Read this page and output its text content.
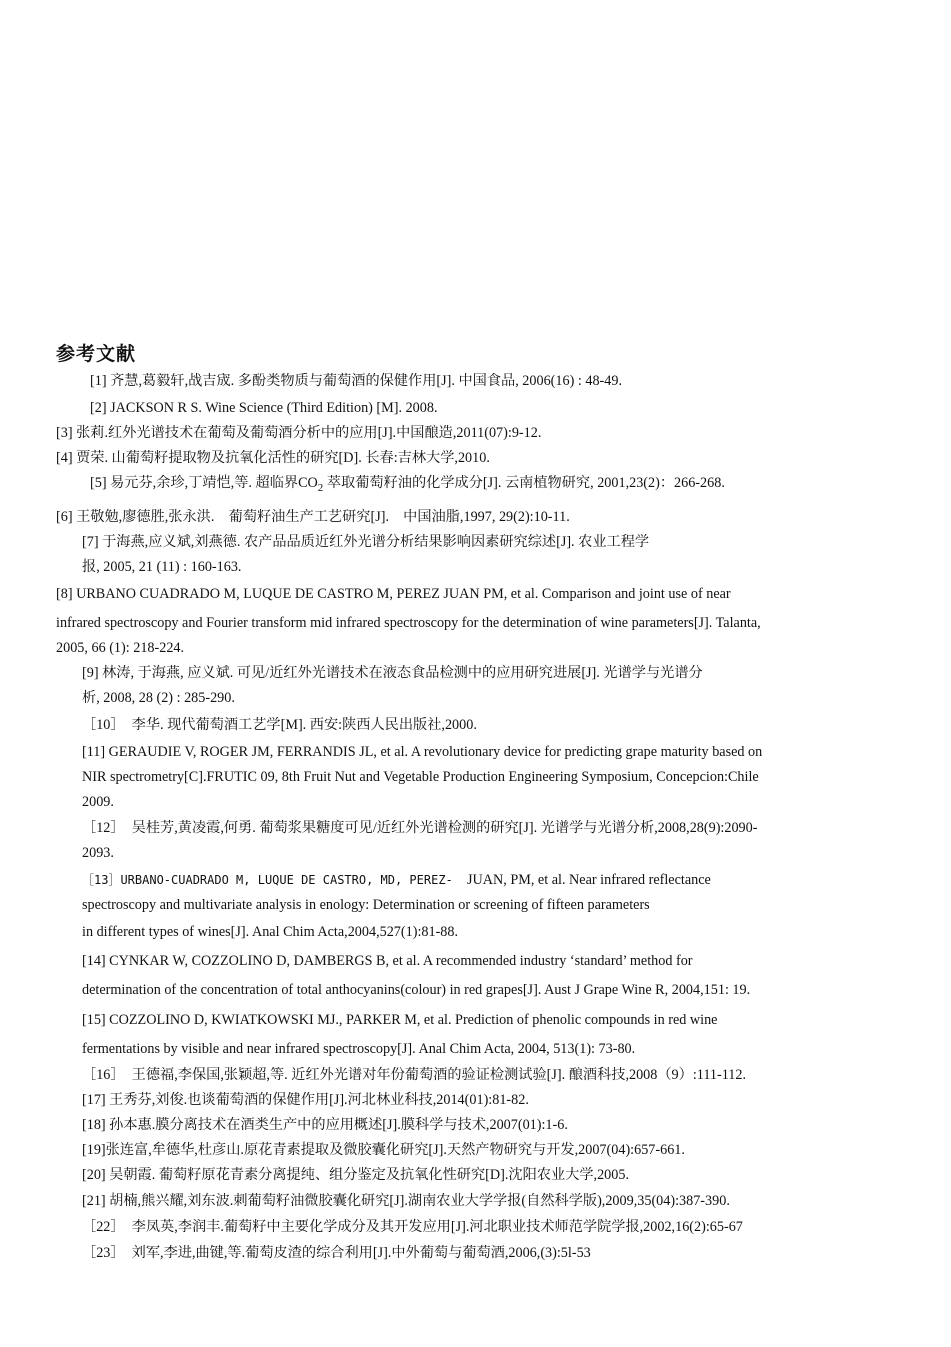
参考文献
[1] 齐慧,葛毅轩,战吉宬. 多酚类物质与葡萄酒的保健作用[J]. 中国食品, 2006(16) : 48-49.
[2] JACKSON R S. Wine Science (Third Edition) [M]. 2008.
[3] 张莉.红外光谱技术在葡萄及葡萄酒分析中的应用[J].中国酿造,2011(07):9-12.
[4] 贾荣. 山葡萄籽提取物及抗氧化活性的研究[D]. 长春:吉林大学,2010.
[5] 易元芬,余珍,丁靖恺,等. 超临界$CO_2$ 萃取葡萄籽油的化学成分[J]. 云南植物研究, 2001,23(2)：266-268.
[6] 王敬勉,廖德胜,张永洪.　葡萄籽油生产工艺研究[J].　中国油脂,1997, 29(2):10-11.
[7] 于海燕,应义斌,刘燕德. 农产品品质近红外光谱分析结果影响因素研究综述[J]. 农业工程学
报, 2005, 21 (11) : 160-163.
[8] URBANO CUADRADO M, LUQUE DE CASTRO M, PEREZ JUAN PM, et al. Comparison and joint use of near
infrared spectroscopy and Fourier transform mid infrared spectroscopy for the determination of wine parameters[J]. Talanta,
2005, 66 (1): 218-224.
[9] 林涛, 于海燕, 应义斌. 可见/近红外光谱技术在液态食品检测中的应用研究进展[J]. 光谱学与光谱分
析, 2008, 28 (2) : 285-290.
［10］　李华. 现代葡萄酒工艺学[M]. 西安:陕西人民出版社,2000.
[11] GERAUDIE V, ROGER JM, FERRANDIS JL, et al. A revolutionary device for predicting grape maturity based on
NIR spectrometry[C].FRUTIC 09, 8th Fruit Nut and Vegetable Production Engineering Symposium, Concepcion:Chile
2009.
［12］　吴桂芳,黄凌霞,何勇. 葡萄浆果糖度可见/近红外光谱检测的研究[J]. 光谱学与光谱分析,2008,28(9):2090-
2093.
［13］URBANO-CUADRADO M, LUQUE DE CASTRO, MD, PEREZ-　JUAN, PM, et al. Near infrared reflectance
spectroscopy and multivariate analysis in enology: Determination or screening of fifteen parameters
in different types of wines[J]. Anal Chim Acta,2004,527(1):81-88.
[14] CYNKAR W, COZZOLINO D, DAMBERGS B, et al. A recommended industry ‘standard’ method for
determination of the concentration of total anthocyanins(colour) in red grapes[J]. Aust J Grape Wine R, 2004,151: 19.
[15] COZZOLINO D, KWIATKOWSKI MJ., PARKER M, et al. Prediction of phenolic compounds in red wine
fermentations by visible and near infrared spectroscopy[J]. Anal Chim Acta, 2004, 513(1): 73-80.
［16］　王德福,李保国,张颖超,等. 近红外光谱对年份葡萄酒的验证检测试验[J]. 酿酒科技,2008（9）:111-112.
[17] 王秀芬,刘俊.也谈葡萄酒的保健作用[J].河北林业科技,2014(01):81-82.
[18] 孙本惠.膜分离技术在酒类生产中的应用概述[J].膜科学与技术,2007(01):1-6.
[19]张连富,牟德华,杜彦山.原花青素提取及微胶囊化研究[J].天然产物研究与开发,2007(04):657-661.
[20] 吴朝霞. 葡萄籽原花青素分离提纯、组分鉴定及抗氧化性研究[D].沈阳农业大学,2005.
[21] 胡楠,熊兴耀,刘东波.刺葡萄籽油微胶囊化研究[J].湖南农业大学学报(自然科学版),2009,35(04):387-390.
［22］　李凤英,李润丰.葡萄籽中主要化学成分及其开发应用[J].河北职业技术师范学院学报,2002,16(2):65-67
［23］　刘军,李进,曲键,等.葡萄皮渣的综合利用[J].中外葡萄与葡萄酒,2006,(3):5l-53
